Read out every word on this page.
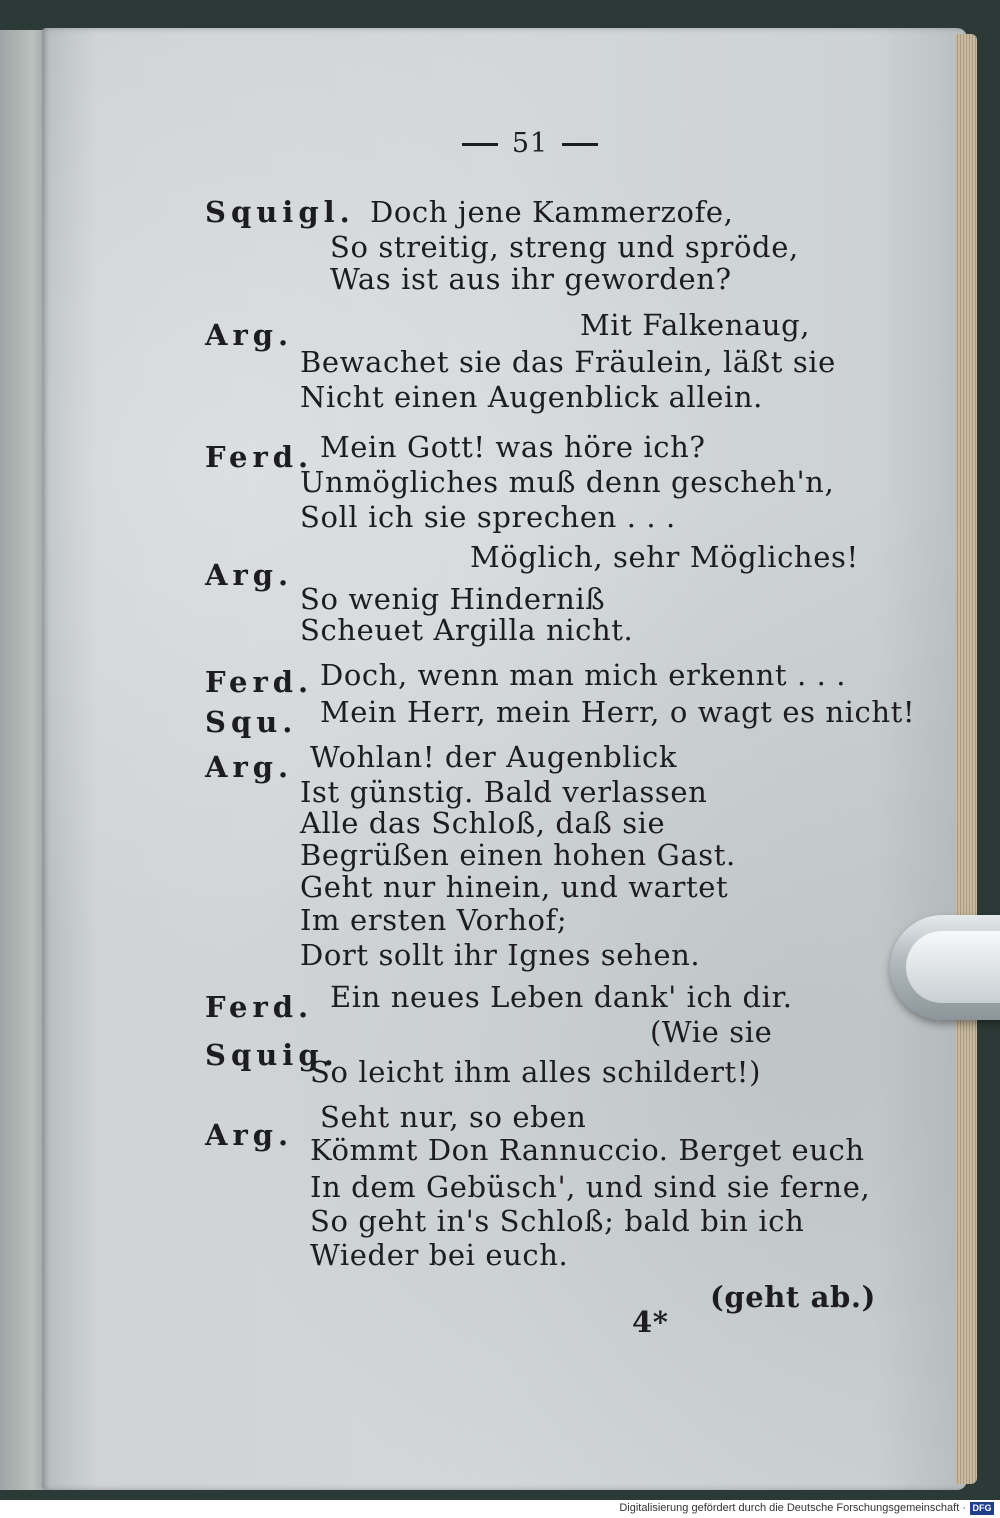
51
Squigl. Doch jene Kammerzofe,
So streitig, streng und spröde,
Was ist aus ihr geworden?
Arg.	Mit Falkenaug,
Bewachet sie das Fräulein, läßt sie
Nicht einen Augenblick allein.
Ferd. Mein Gott! was höre ich?
Unmögliches muß denn gescheh'n,
Soll ich sie sprechen . . .
Arg.
Möglich, sehr Mögliches!
So wenig Hinderniß
Scheuet Argilla nicht.
Ferd. Doch, wenn man mich erkennt . . .
Squ. Mein Herr, mein Herr, o wagt es nicht!
Arg. Wohlan! der Augenblick
Ist günstig. Bald verlassen
Alle das Schloß, daß sie
Begrüßen einen hohen Gast.
Geht nur hinein, und wartet
Im ersten Vorhof;
Dort sollt ihr Ignes sehen.
Ferd. Ein neues Leben dank' ich dir.
Squig.
(Wie sie
So leicht ihm alles schildert!)
Arg.
Seht nur, so eben
Kömmt Don Rannuccio. Berget euch
In dem Gebüsch', und sind sie ferne,
So geht in's Schloß; bald bin ich
Wieder bei euch.
(geht ab.)
4*
Digitalisierung gefördert durch die Deutsche Forschungsgemeinschaft · DFG
